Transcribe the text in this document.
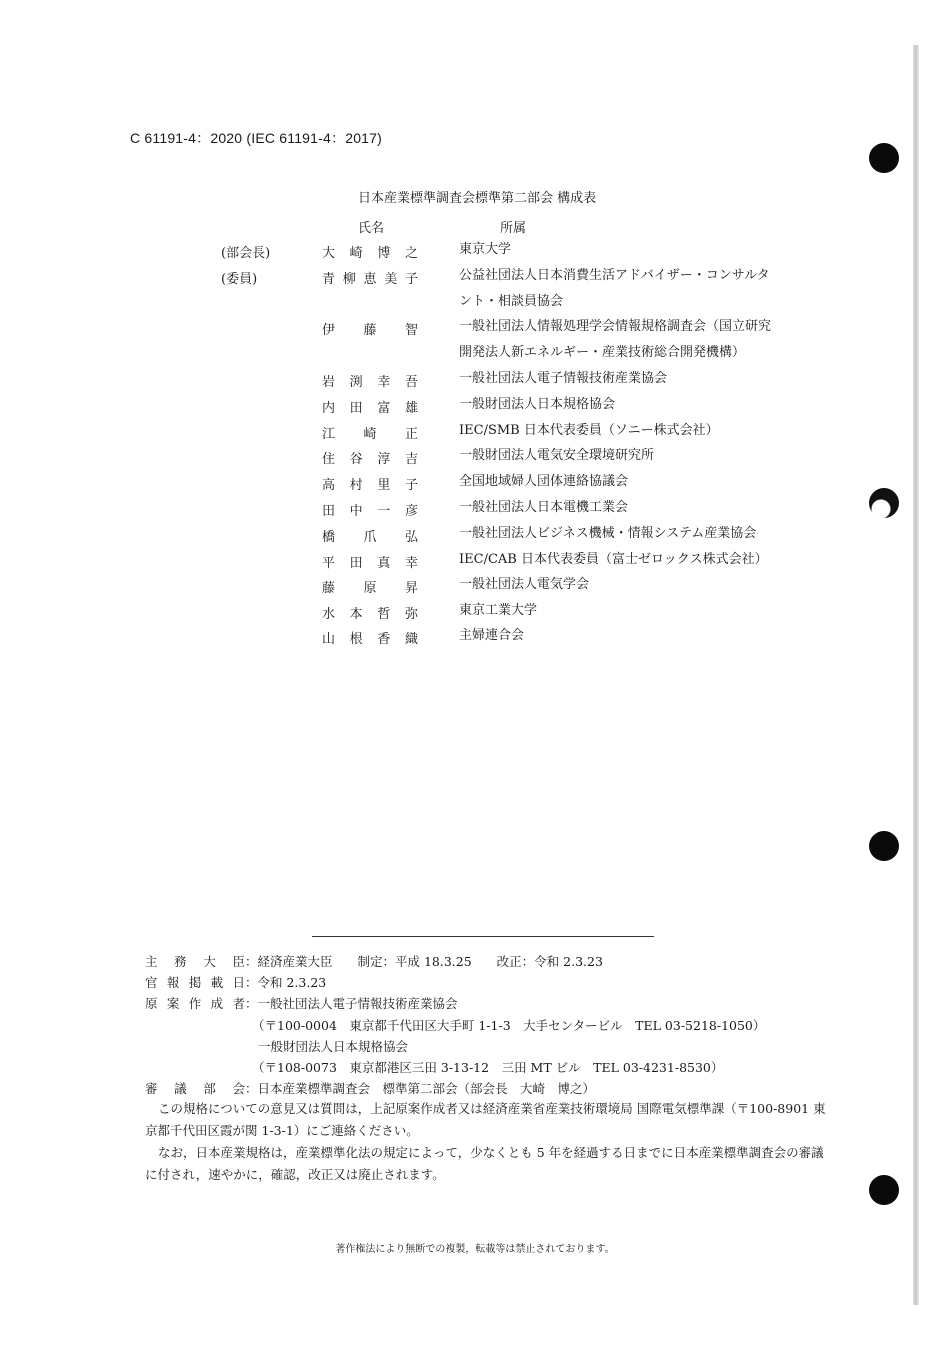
C 61191-4：2020 (IEC 61191-4：2017)
日本産業標準調査会標準第二部会 構成表
氏名	所属
(部会長)	大崎博之	東京大学
(委員)	青柳恵美子	公益社団法人日本消費生活アドバイザー・コンサルタント・相談員協会
伊藤智	一般社団法人情報処理学会情報規格調査会（国立研究開発法人新エネルギー・産業技術総合開発機構）
岩渕幸吾	一般社団法人電子情報技術産業協会
内田富雄	一般財団法人日本規格協会
江崎正	IEC/SMB 日本代表委員（ソニー株式会社）
住谷淳吉	一般財団法人電気安全環境研究所
高村里子	全国地域婦人団体連絡協議会
田中一彦	一般社団法人日本電機工業会
橋爪弘	一般社団法人ビジネス機械・情報システム産業協会
平田真幸	IEC/CAB 日本代表委員（富士ゼロックス株式会社）
藤原昇	一般社団法人電気学会
水本哲弥	東京工業大学
山根香織	主婦連合会
主務大臣：経済産業大臣　　制定：平成 18.3.25　　改正：令和 2.3.23
官報掲載日：令和 2.3.23
原案作成者：一般社団法人電子情報技術産業協会
（〒100-0004　東京都千代田区大手町 1-1-3　大手センタービル　TEL 03-5218-1050）
一般財団法人日本規格協会
（〒108-0073　東京都港区三田 3-13-12　三田 MT ビル　TEL 03-4231-8530）
審議部会：日本産業標準調査会　標準第二部会（部会長　大崎　博之）
この規格についての意見又は質問は，上記原案作成者又は経済産業省産業技術環境局 国際電気標準課（〒100-8901 東京都千代田区霞が関 1-3-1）にご連絡ください。
なお，日本産業規格は，産業標準化法の規定によって，少なくとも 5 年を経過する日までに日本産業標準調査会の審議に付され，速やかに，確認，改正又は廃止されます。
著作権法により無断での複製，転載等は禁止されております。
